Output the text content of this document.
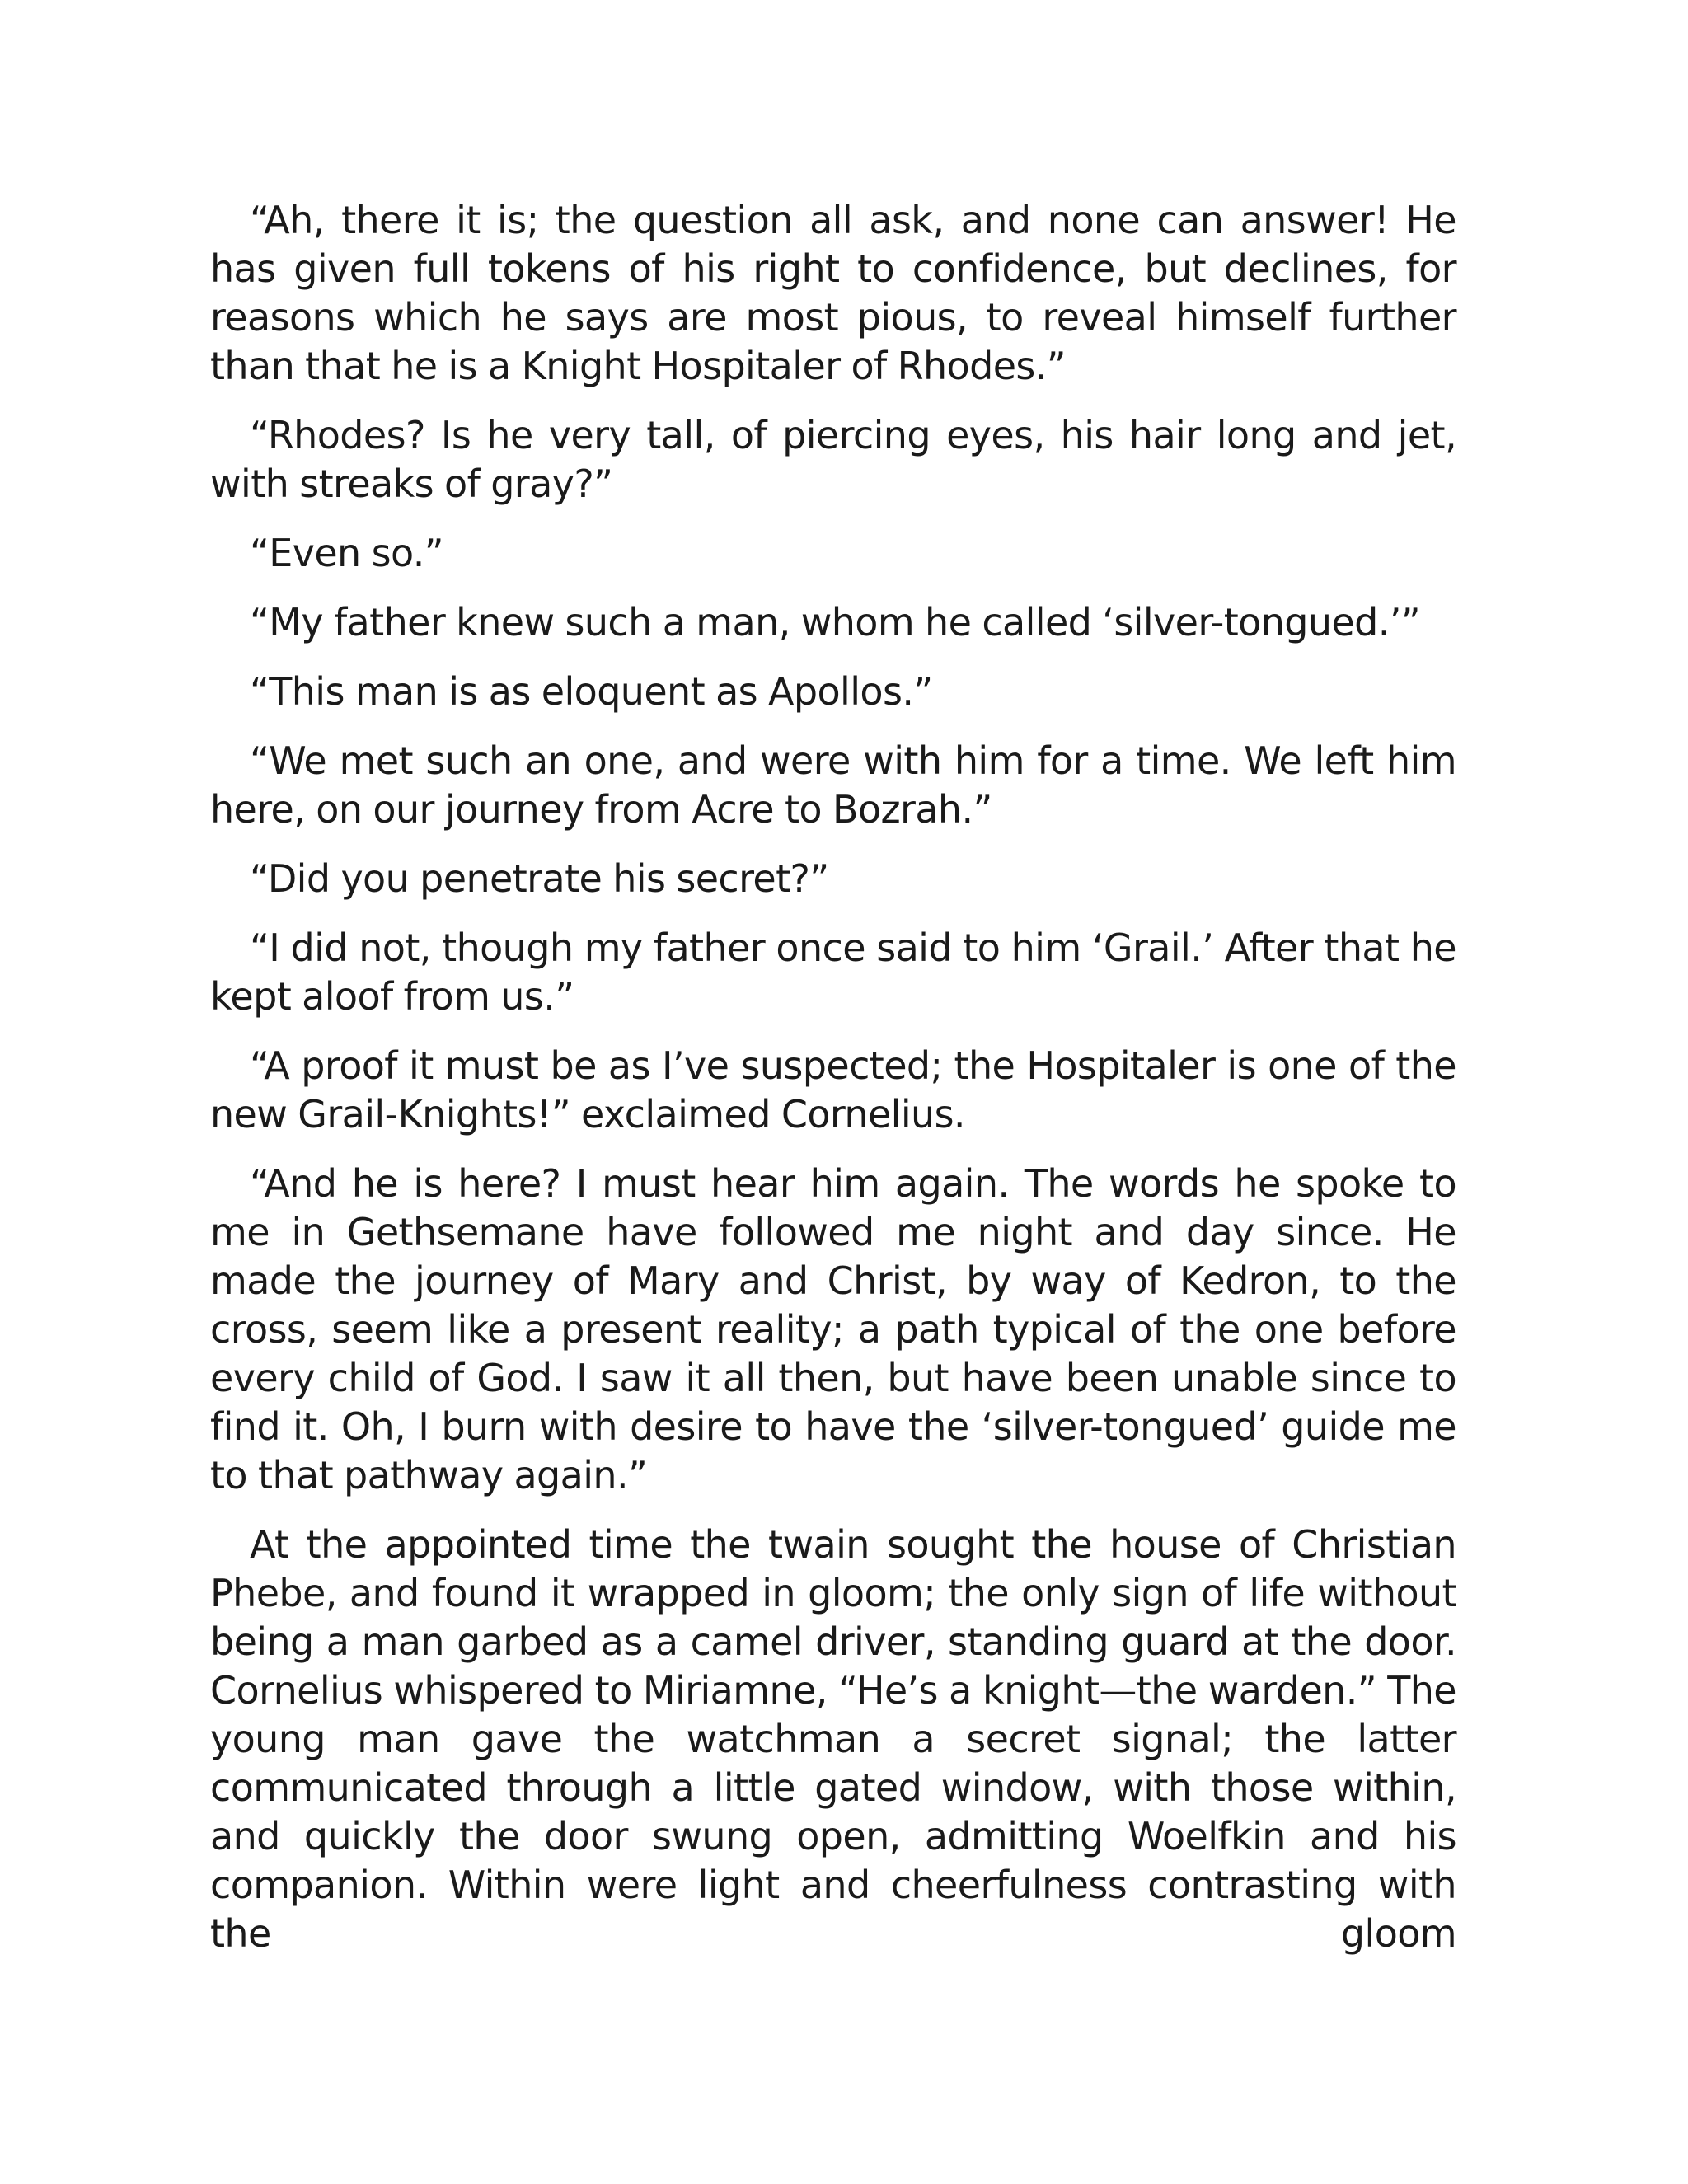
“Ah, there it is; the question all ask, and none can answer! He has given full tokens of his right to confidence, but declines, for reasons which he says are most pious, to reveal himself further than that he is a Knight Hospitaler of Rhodes.”

“Rhodes? Is he very tall, of piercing eyes, his hair long and jet, with streaks of gray?”

“Even so.”

“My father knew such a man, whom he called ‘silver-tongued.’”

“This man is as eloquent as Apollos.”

“We met such an one, and were with him for a time. We left him here, on our journey from Acre to Bozrah.”

“Did you penetrate his secret?”

“I did not, though my father once said to him ‘Grail.’ After that he kept aloof from us.”

“A proof it must be as I’ve suspected; the Hospitaler is one of the new Grail-Knights!” exclaimed Cornelius.

“And he is here? I must hear him again. The words he spoke to me in Gethsemane have followed me night and day since. He made the journey of Mary and Christ, by way of Kedron, to the cross, seem like a present reality; a path typical of the one before every child of God. I saw it all then, but have been unable since to find it. Oh, I burn with desire to have the ‘silver-tongued’ guide me to that pathway again.”

At the appointed time the twain sought the house of Christian Phebe, and found it wrapped in gloom; the only sign of life without being a man garbed as a camel driver, standing guard at the door. Cornelius whispered to Miriamne, “He’s a knight—the warden.” The young man gave the watchman a secret signal; the latter communicated through a little gated window, with those within, and quickly the door swung open, admitting Woelfkin and his companion. Within were light and cheerfulness contrasting with the gloom
